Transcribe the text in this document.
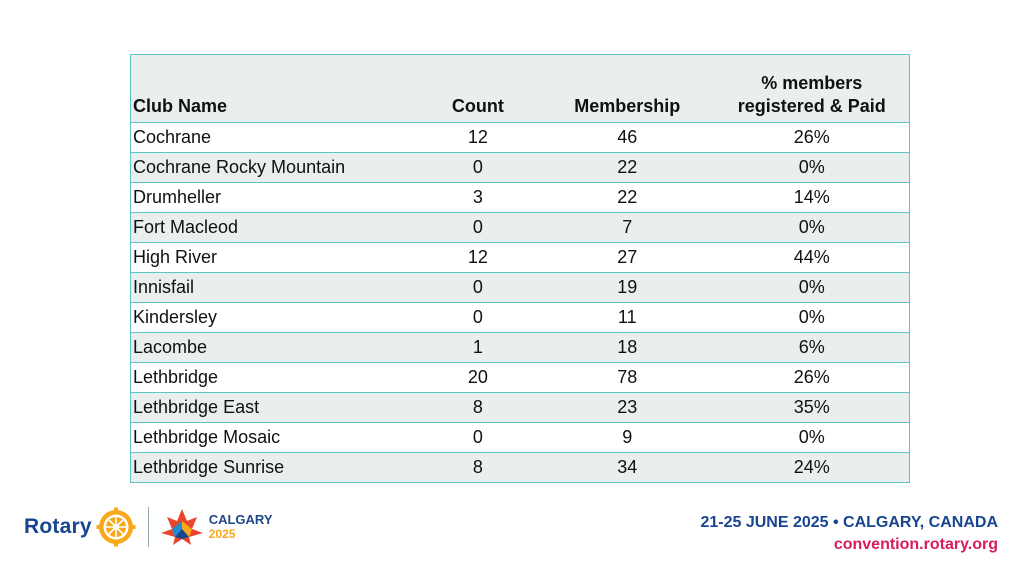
Club Name	Count	Membership	% members
registered & Paid
Cochrane	12	46	26%
Cochrane Rocky Mountain	0	22	0%
Drumheller	3	22	14%
Fort Macleod	0	7	0%
High River	12	27	44%
Innisfail	0	19	0%
Kindersley	0	11	0%
Lacombe	1	18	6%
Lethbridge	20	78	26%
Lethbridge East	8	23	35%
Lethbridge Mosaic	0	9	0%
Lethbridge Sunrise	8	34	24%
Rotary	CALGARY
2025
21-25 JUNE 2025 • CALGARY, CANADA
convention.rotary.org
